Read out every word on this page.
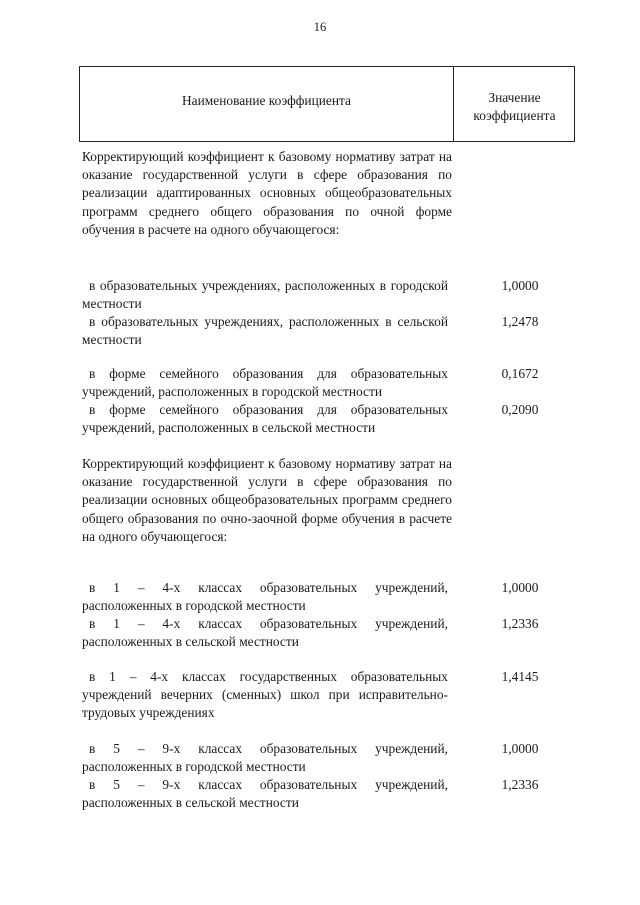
16
Наименование коэффициента	Значение
коэффициента
Корректирующий коэффициент к базовому нормативу затрат на оказание государственной услуги в сфере образования по реализации адаптированных основных общеобразовательных программ среднего общего образования по очной форме обучения в расчете на одного обучающегося:
в образовательных учреждениях, расположенных в городской местности
1,0000
в образовательных учреждениях, расположенных в сельской местности
1,2478
в форме семейного образования для образовательных учреждений, расположенных в городской местности
0,1672
в форме семейного образования для образовательных учреждений, расположенных в сельской местности
0,2090
Корректирующий коэффициент к базовому нормативу затрат на оказание государственной услуги в сфере образования по реализации основных общеобразовательных программ среднего общего образования по очно-заочной форме обучения в расчете на одного обучающегося:
в 1 – 4-х классах образовательных учреждений, расположенных в городской местности
1,0000
в 1 – 4-х классах образовательных учреждений, расположенных в сельской местности
1,2336
в 1 – 4-х классах государственных образовательных учреждений вечерних (сменных) школ при исправительно-трудовых учреждениях
1,4145
в 5 – 9-х классах образовательных учреждений, расположенных в городской местности
1,0000
в 5 – 9-х классах образовательных учреждений, расположенных в сельской местности
1,2336
